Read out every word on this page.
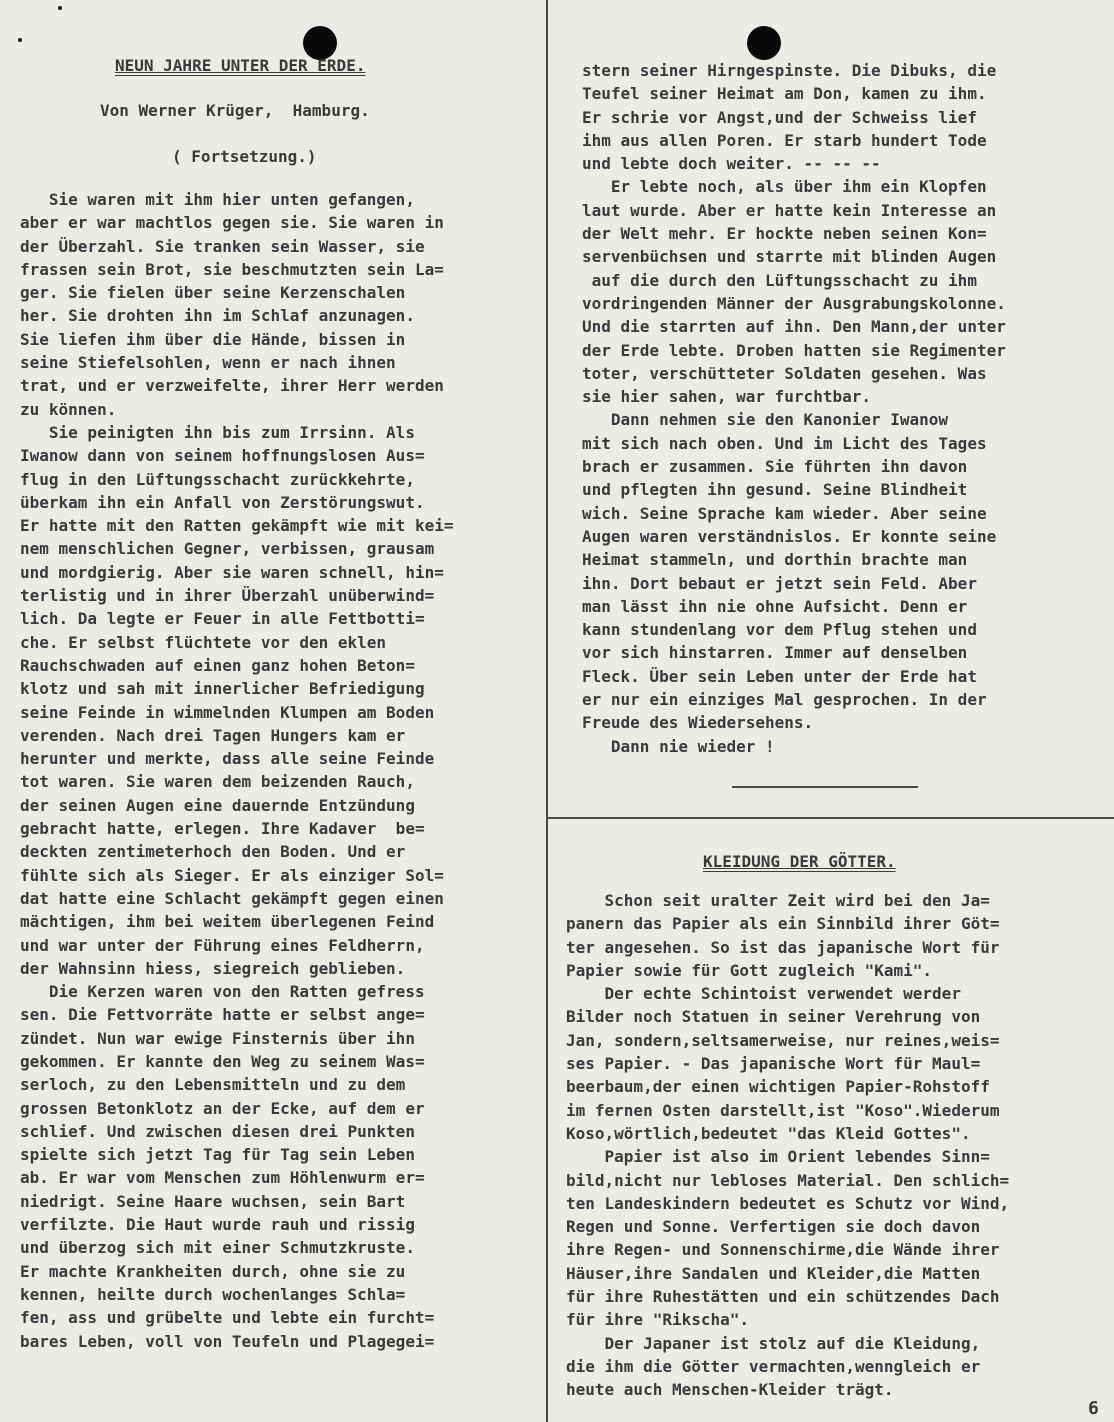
NEUN JAHRE UNTER DER ERDE.
Von Werner Krüger,  Hamburg.
( Fortsetzung.)

Sie waren mit ihm hier unten gefangen,

aber er war machtlos gegen sie. Sie waren in

der Überzahl. Sie tranken sein Wasser, sie

frassen sein Brot, sie beschmutzten sein La=

ger. Sie fielen über seine Kerzenschalen

her. Sie drohten ihn im Schlaf anzunagen.

Sie liefen ihm über die Hände, bissen in

seine Stiefelsohlen, wenn er nach ihnen

trat, und er verzweifelte, ihrer Herr werden

zu können.

Sie peinigten ihn bis zum Irrsinn. Als

Iwanow dann von seinem hoffnungslosen Aus=

flug in den Lüftungsschacht zurückkehrte,

überkam ihn ein Anfall von Zerstörungswut.

Er hatte mit den Ratten gekämpft wie mit kei=

nem menschlichen Gegner, verbissen, grausam

und mordgierig. Aber sie waren schnell, hin=

terlistig und in ihrer Überzahl unüberwind=

lich. Da legte er Feuer in alle Fettbotti=

che. Er selbst flüchtete vor den eklen

Rauchschwaden auf einen ganz hohen Beton=

klotz und sah mit innerlicher Befriedigung

seine Feinde in wimmelnden Klumpen am Boden

verenden. Nach drei Tagen Hungers kam er

herunter und merkte, dass alle seine Feinde

tot waren. Sie waren dem beizenden Rauch,

der seinen Augen eine dauernde Entzündung

gebracht hatte, erlegen. Ihre Kadaver  be=

deckten zentimeterhoch den Boden. Und er

fühlte sich als Sieger. Er als einziger Sol=

dat hatte eine Schlacht gekämpft gegen einen

mächtigen, ihm bei weitem überlegenen Feind

und war unter der Führung eines Feldherrn,

der Wahnsinn hiess, siegreich geblieben.

Die Kerzen waren von den Ratten gefress

sen. Die Fettvorräte hatte er selbst ange=

zündet. Nun war ewige Finsternis über ihn

gekommen. Er kannte den Weg zu seinem Was=

serloch, zu den Lebensmitteln und zu dem

grossen Betonklotz an der Ecke, auf dem er

schlief. Und zwischen diesen drei Punkten

spielte sich jetzt Tag für Tag sein Leben

ab. Er war vom Menschen zum Höhlenwurm er=

niedrigt. Seine Haare wuchsen, sein Bart

verfilzte. Die Haut wurde rauh und rissig

und überzog sich mit einer Schmutzkruste.

Er machte Krankheiten durch, ohne sie zu

kennen, heilte durch wochenlanges Schla=

fen, ass und grübelte und lebte ein furcht=

bares Leben, voll von Teufeln und Plagegei=

stern seiner Hirngespinste. Die Dibuks, die

Teufel seiner Heimat am Don, kamen zu ihm.

Er schrie vor Angst,und der Schweiss lief

ihm aus allen Poren. Er starb hundert Tode

und lebte doch weiter. -- -- --

Er lebte noch, als über ihm ein Klopfen

laut wurde. Aber er hatte kein Interesse an

der Welt mehr. Er hockte neben seinen Kon=

servenbüchsen und starrte mit blinden Augen

auf die durch den Lüftungsschacht zu ihm

vordringenden Männer der Ausgrabungskolonne.

Und die starrten auf ihn. Den Mann,der unter

der Erde lebte. Droben hatten sie Regimenter

toter, verschütteter Soldaten gesehen. Was

sie hier sahen, war furchtbar.

Dann nehmen sie den Kanonier Iwanow

mit sich nach oben. Und im Licht des Tages

brach er zusammen. Sie führten ihn davon

und pflegten ihn gesund. Seine Blindheit

wich. Seine Sprache kam wieder. Aber seine

Augen waren verständnislos. Er konnte seine

Heimat stammeln, und dorthin brachte man

ihn. Dort bebaut er jetzt sein Feld. Aber

man lässt ihn nie ohne Aufsicht. Denn er

kann stundenlang vor dem Pflug stehen und

vor sich hinstarren. Immer auf denselben

Fleck. Über sein Leben unter der Erde hat

er nur ein einziges Mal gesprochen. In der

Freude des Wiedersehens.

Dann nie wieder !

KLEIDUNG DER GÖTTER.

Schon seit uralter Zeit wird bei den Ja=

panern das Papier als ein Sinnbild ihrer Göt=

ter angesehen. So ist das japanische Wort für

Papier sowie für Gott zugleich "Kami".

Der echte Schintoist verwendet werder

Bilder noch Statuen in seiner Verehrung von

Jan, sondern,seltsamerweise, nur reines,weis=

ses Papier. - Das japanische Wort für Maul=

beerbaum,der einen wichtigen Papier-Rohstoff

im fernen Osten darstellt,ist "Koso".Wiederum

Koso,wörtlich,bedeutet "das Kleid Gottes".

Papier ist also im Orient lebendes Sinn=

bild,nicht nur lebloses Material. Den schlich=

ten Landeskindern bedeutet es Schutz vor Wind,

Regen und Sonne. Verfertigen sie doch davon

ihre Regen- und Sonnenschirme,die Wände ihrer

Häuser,ihre Sandalen und Kleider,die Matten

für ihre Ruhestätten und ein schützendes Dach

für ihre "Rikscha".

Der Japaner ist stolz auf die Kleidung,

die ihm die Götter vermachten,wenngleich er

heute auch Menschen-Kleider trägt.

6
